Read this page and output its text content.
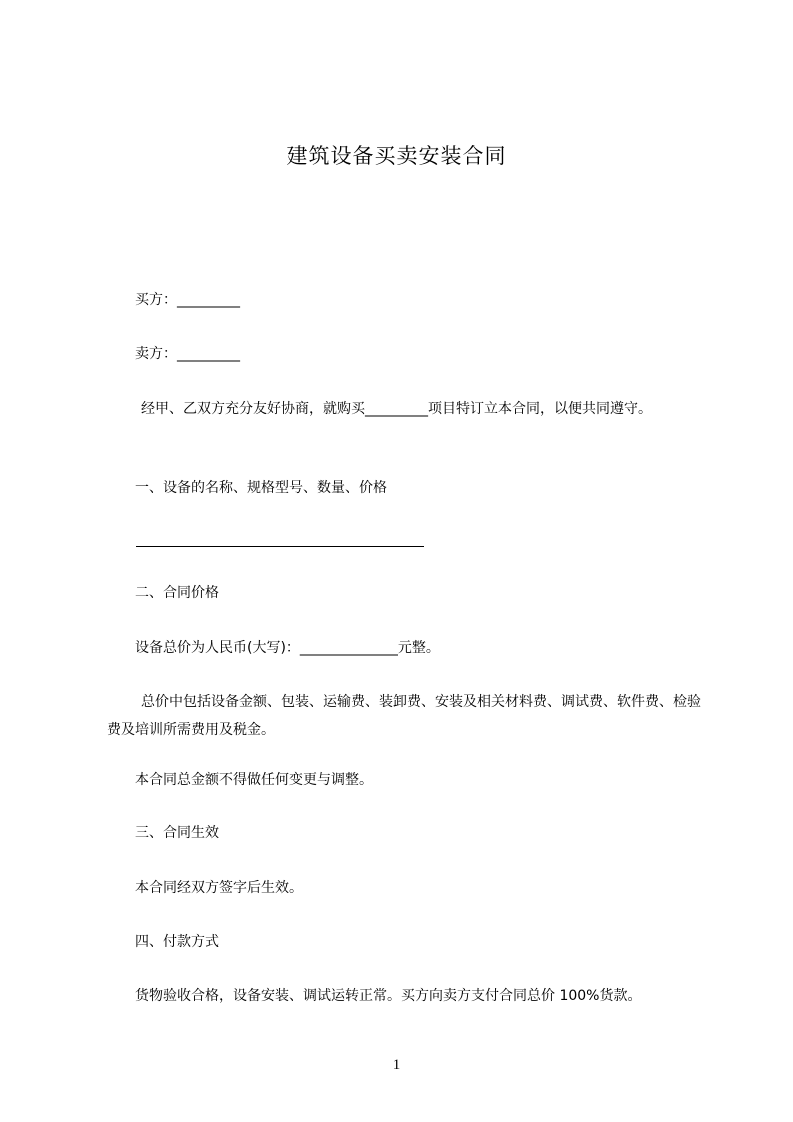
建筑设备买卖安装合同
买方：_________
卖方：_________
经甲、乙双方充分友好协商，就购买_________项目特订立本合同，以便共同遵守。
一、设备的名称、规格型号、数量、价格
二、合同价格
设备总价为人民币(大写)：______________元整。
总价中包括设备金额、包装、运输费、装卸费、安装及相关材料费、调试费、软件费、检验费及培训所需费用及税金。
本合同总金额不得做任何变更与调整。
三、合同生效
本合同经双方签字后生效。
四、付款方式
货物验收合格，设备安装、调试运转正常。买方向卖方支付合同总价 100%货款。
1
